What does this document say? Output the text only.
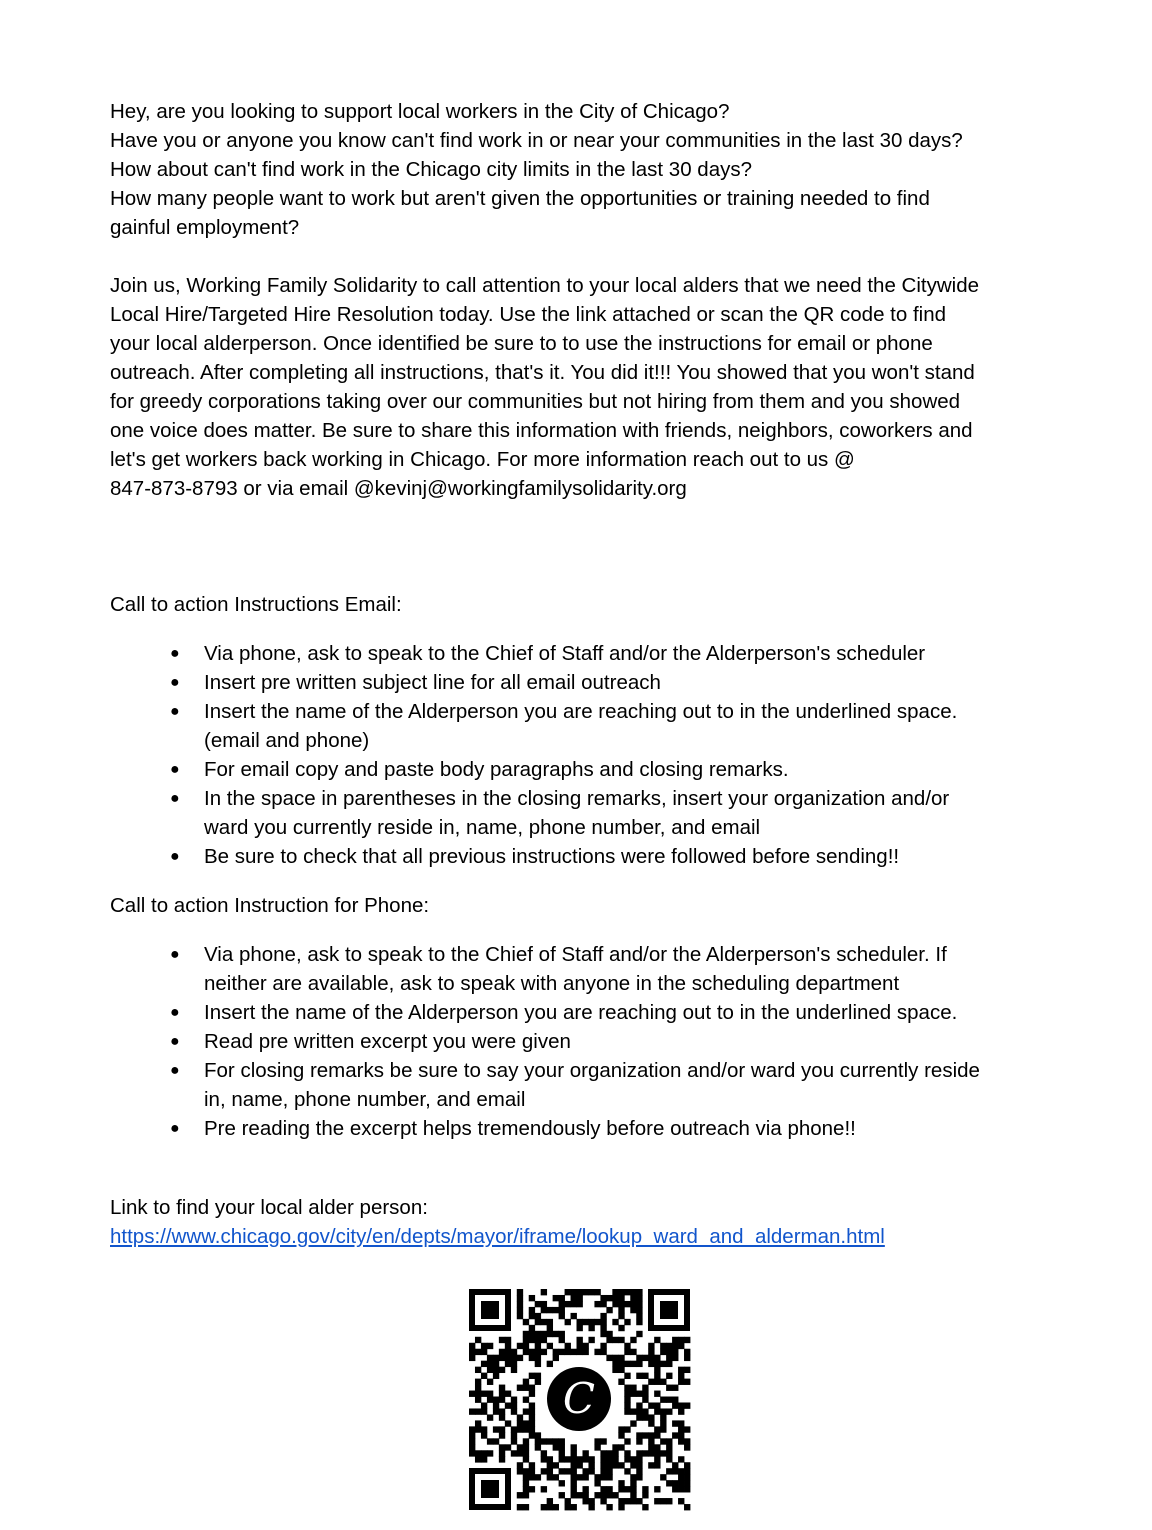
Hey, are you looking to support local workers in the City of Chicago?
Have you or anyone you know can't find work in or near your communities in the last 30 days?
How about can't find work in the Chicago city limits in the last 30 days?
How many people want to work but aren't given the opportunities or training needed to find
gainful employment?
Join us, Working Family Solidarity to call attention to your local alders that we need the Citywide
Local Hire/Targeted Hire Resolution today. Use the link attached or scan the QR code to find
your local alderperson. Once identified be sure to to use the instructions for email or phone
outreach. After completing all instructions, that's it. You did it!!! You showed that you won't stand
for greedy corporations taking over our communities but not hiring from them and you showed
one voice does matter. Be sure to share this information with friends, neighbors, coworkers and
let's get workers back working in Chicago. For more information reach out to us @
847-873-8793 or via email @kevinj@workingfamilysolidarity.org

Call to action Instructions Email:

● Via phone, ask to speak to the Chief of Staff and/or the Alderperson's scheduler
● Insert pre written subject line for all email outreach
● Insert the name of the Alderperson you are reaching out to in the underlined space.
(email and phone)
● For email copy and paste body paragraphs and closing remarks.
● In the space in parentheses in the closing remarks, insert your organization and/or
ward you currently reside in, name, phone number, and email
● Be sure to check that all previous instructions were followed before sending!!

Call to action Instruction for Phone:

● Via phone, ask to speak to the Chief of Staff and/or the Alderperson's scheduler. If
neither are available, ask to speak with anyone in the scheduling department
● Insert the name of the Alderperson you are reaching out to in the underlined space.
● Read pre written excerpt you were given
● For closing remarks be sure to say your organization and/or ward you currently reside
in, name, phone number, and email
● Pre reading the excerpt helps tremendously before outreach via phone!!

Link to find your local alder person:

https://www.chicago.gov/city/en/depts/mayor/iframe/lookup_ward_and_alderman.html
C
